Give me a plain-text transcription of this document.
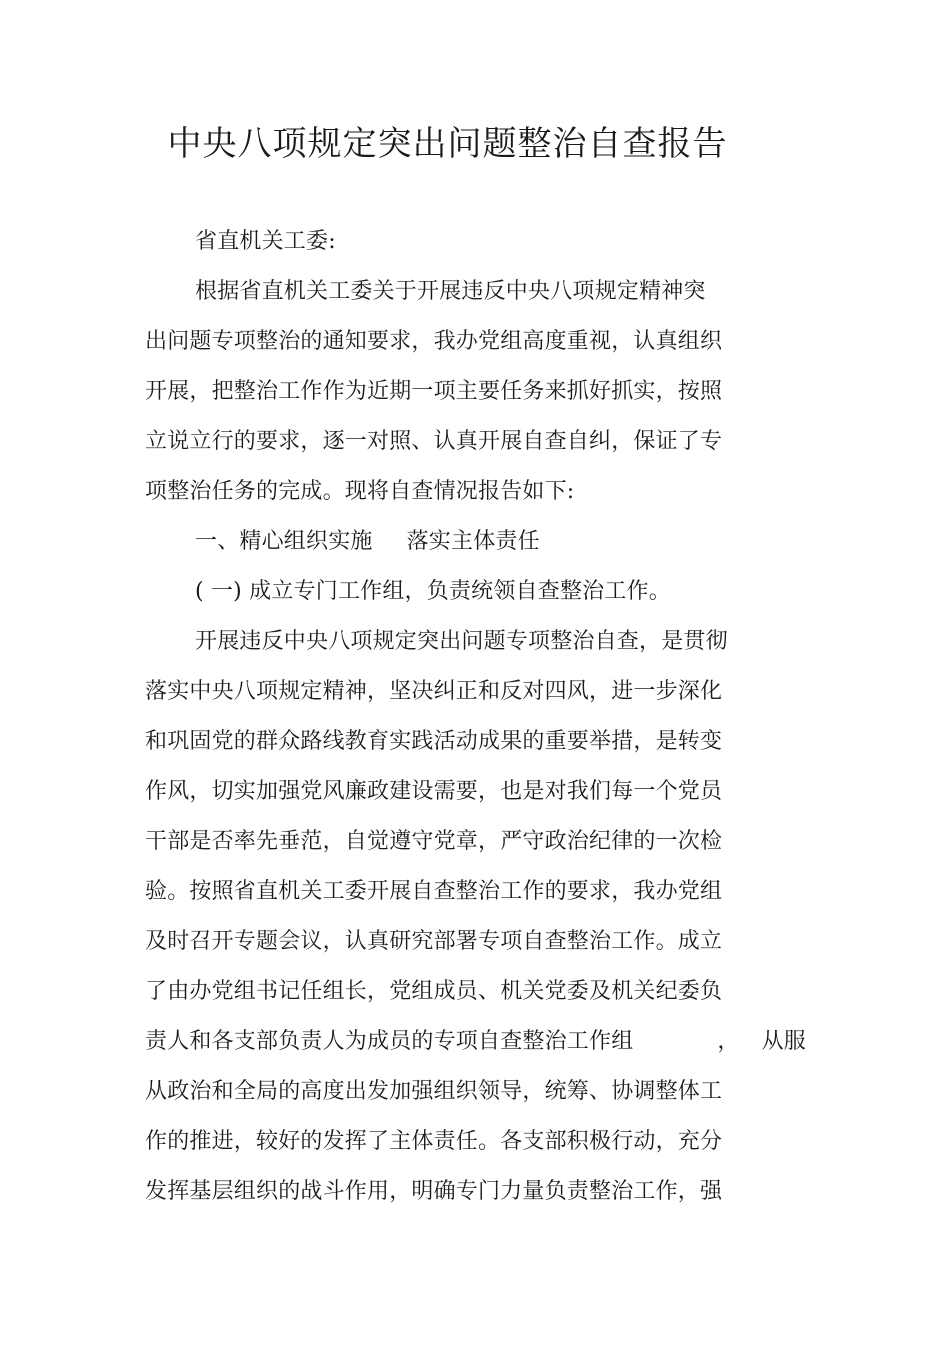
中央八项规定突出问题整治自查报告
省直机关工委:
根据省直机关工委关于开展违反中央八项规定精神突
出问题专项整治的通知要求，我办党组高度重视，认真组织
开展，把整治工作作为近期一项主要任务来抓好抓实，按照
立说立行的要求，逐一对照、认真开展自查自纠，保证了专
项整治任务的完成。现将自查情况报告如下:
一、精心组织实施 落实主体责任
( 一) 成立专门工作组，负责统领自查整治工作。
开展违反中央八项规定突出问题专项整治自查，是贯彻
落实中央八项规定精神，坚决纠正和反对四风，进一步深化
和巩固党的群众路线教育实践活动成果的重要举措，是转变
作风，切实加强党风廉政建设需要，也是对我们每一个党员
干部是否率先垂范，自觉遵守党章，严守政治纪律的一次检
验。按照省直机关工委开展自查整治工作的要求，我办党组
及时召开专题会议，认真研究部署专项自查整治工作。成立
了由办党组书记任组长，党组成员、机关党委及机关纪委负
责人和各支部负责人为成员的专项自查整治工作组	， 从服
从政治和全局的高度出发加强组织领导，统筹、协调整体工
作的推进，较好的发挥了主体责任。各支部积极行动，充分
发挥基层组织的战斗作用，明确专门力量负责整治工作，强
